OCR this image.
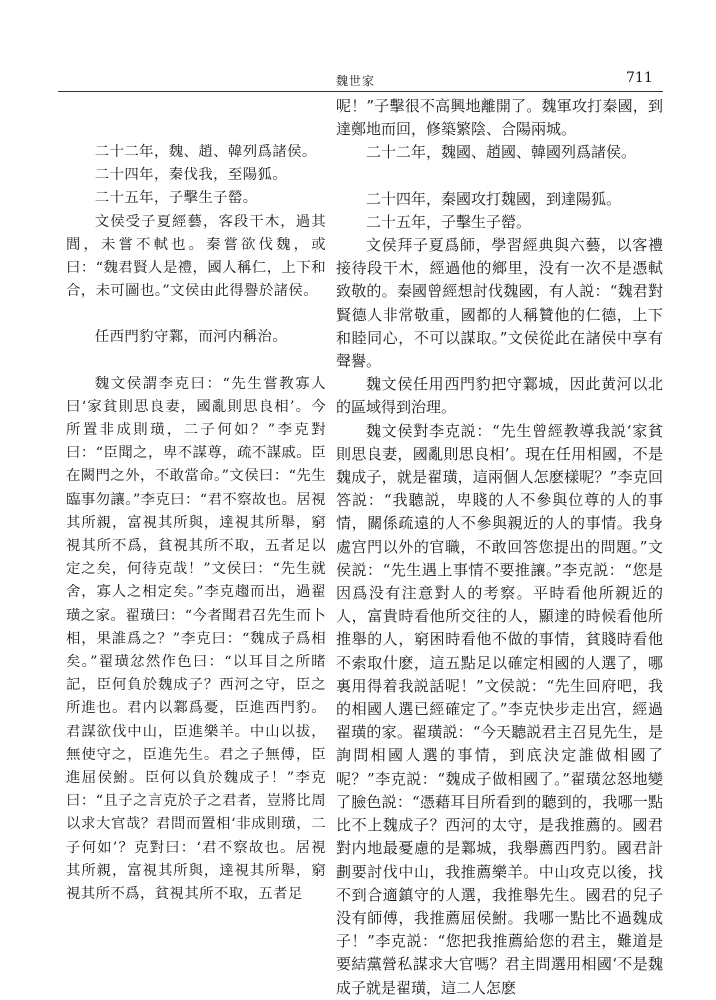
魏世家	711

二十二年，魏、趙、韓列爲諸侯。

二十四年，秦伐我，至陽狐。

二十五年，子擊生子罃。

文侯受子夏經藝，客段干木，過其閭，未嘗不軾也。秦嘗欲伐魏，或曰：“魏君賢人是禮，國人稱仁，上下和合，未可圖也。”文侯由此得譽於諸侯。

任西門豹守鄴，而河内稱治。

魏文侯謂李克曰：“先生嘗教寡人曰‘家貧則思良妻，國亂則思良相’。今所置非成則璜，二子何如？”李克對曰：“臣聞之，卑不謀尊，疏不謀戚。臣在闕門之外，不敢當命。”文侯曰：“先生臨事勿讓。”李克曰：“君不察故也。居視其所親，富視其所與，達視其所舉，窮視其所不爲，貧視其所不取，五者足以定之矣，何待克哉！”文侯曰：“先生就舍，寡人之相定矣。”李克趨而出，過翟璜之家。翟璜曰：“今者聞君召先生而卜相，果誰爲之？”李克曰：“魏成子爲相矣。”翟璜忿然作色曰：“以耳目之所睹記，臣何負於魏成子？西河之守，臣之所進也。君内以鄴爲憂，臣進西門豹。君謀欲伐中山，臣進樂羊。中山以拔，無使守之，臣進先生。君之子無傅，臣進屈侯鮒。臣何以負於魏成子！”李克曰：“且子之言克於子之君者，豈將比周以求大官哉？君問而置相‘非成則璜，二子何如’？克對曰：‘君不察故也。居視其所親，富視其所與，達視其所舉，窮視其所不爲，貧視其所不取，五者足

呢！”子擊很不高興地離開了。魏軍攻打秦國，到達鄭地而回，修築繁陰、合陽兩城。

二十二年，魏國、趙國、韓國列爲諸侯。

二十四年，秦國攻打魏國，到達陽狐。

二十五年，子擊生子罃。

文侯拜子夏爲師，學習經典與六藝，以客禮接待段干木，經過他的鄉里，没有一次不是憑軾致敬的。秦國曾經想討伐魏國，有人説：“魏君對賢德人非常敬重，國都的人稱贊他的仁德，上下和睦同心，不可以謀取。”文侯從此在諸侯中享有聲譽。

魏文侯任用西門豹把守鄴城，因此黄河以北的區域得到治理。

魏文侯對李克説：“先生曾經教導我説‘家貧則思良妻，國亂則思良相’。現在任用相國，不是魏成子，就是翟璜，這兩個人怎麽樣呢？”李克回答説：“我聽説，卑賤的人不參與位尊的人的事情，關係疏遠的人不參與親近的人的事情。我身處宫門以外的官職，不敢回答您提出的問題。”文侯説：“先生遇上事情不要推讓。”李克説：“您是因爲没有注意對人的考察。平時看他所親近的人，富貴時看他所交往的人，顯達的時候看他所推舉的人，窮困時看他不做的事情，貧賤時看他不索取什麽，這五點足以確定相國的人選了，哪裏用得着我説話呢！”文侯説：“先生回府吧，我的相國人選已經確定了。”李克快步走出宫，經過翟璜的家。翟璜説：“今天聽説君主召見先生，是詢問相國人選的事情，到底決定誰做相國了呢？”李克説：“魏成子做相國了。”翟璜忿怒地變了臉色説：“憑藉耳目所看到的聽到的，我哪一點比不上魏成子？西河的太守，是我推薦的。國君對内地最憂慮的是鄴城，我舉薦西門豹。國君計劃要討伐中山，我推薦樂羊。中山攻克以後，找不到合適鎮守的人選，我推舉先生。國君的兒子没有師傅，我推薦屈侯鮒。我哪一點比不過魏成子！”李克説：“您把我推薦給您的君主，難道是要結黨營私謀求大官嗎？君主問選用相國‘不是魏成子就是翟璜，這二人怎麽
